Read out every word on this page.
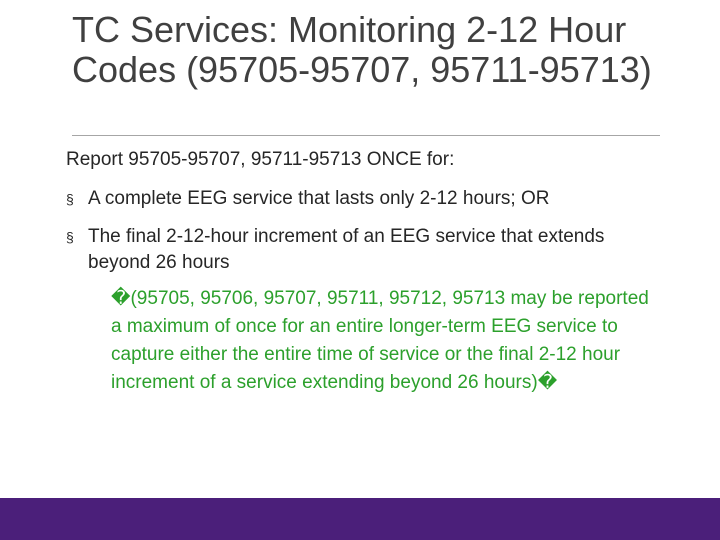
TC Services: Monitoring 2-12 Hour Codes (95705-95707, 95711-95713)

Report 95705-95707, 95711-95713 ONCE for:

§ A complete EEG service that lasts only 2-12 hours; OR
§ The final 2-12-hour increment of an EEG service that extends beyond 26 hours

�(95705, 95706, 95707, 95711, 95712, 95713 may be reported a maximum of once for an entire longer-term EEG service to capture either the entire time of service or the final 2-12 hour increment of a service extending beyond 26 hours)�
